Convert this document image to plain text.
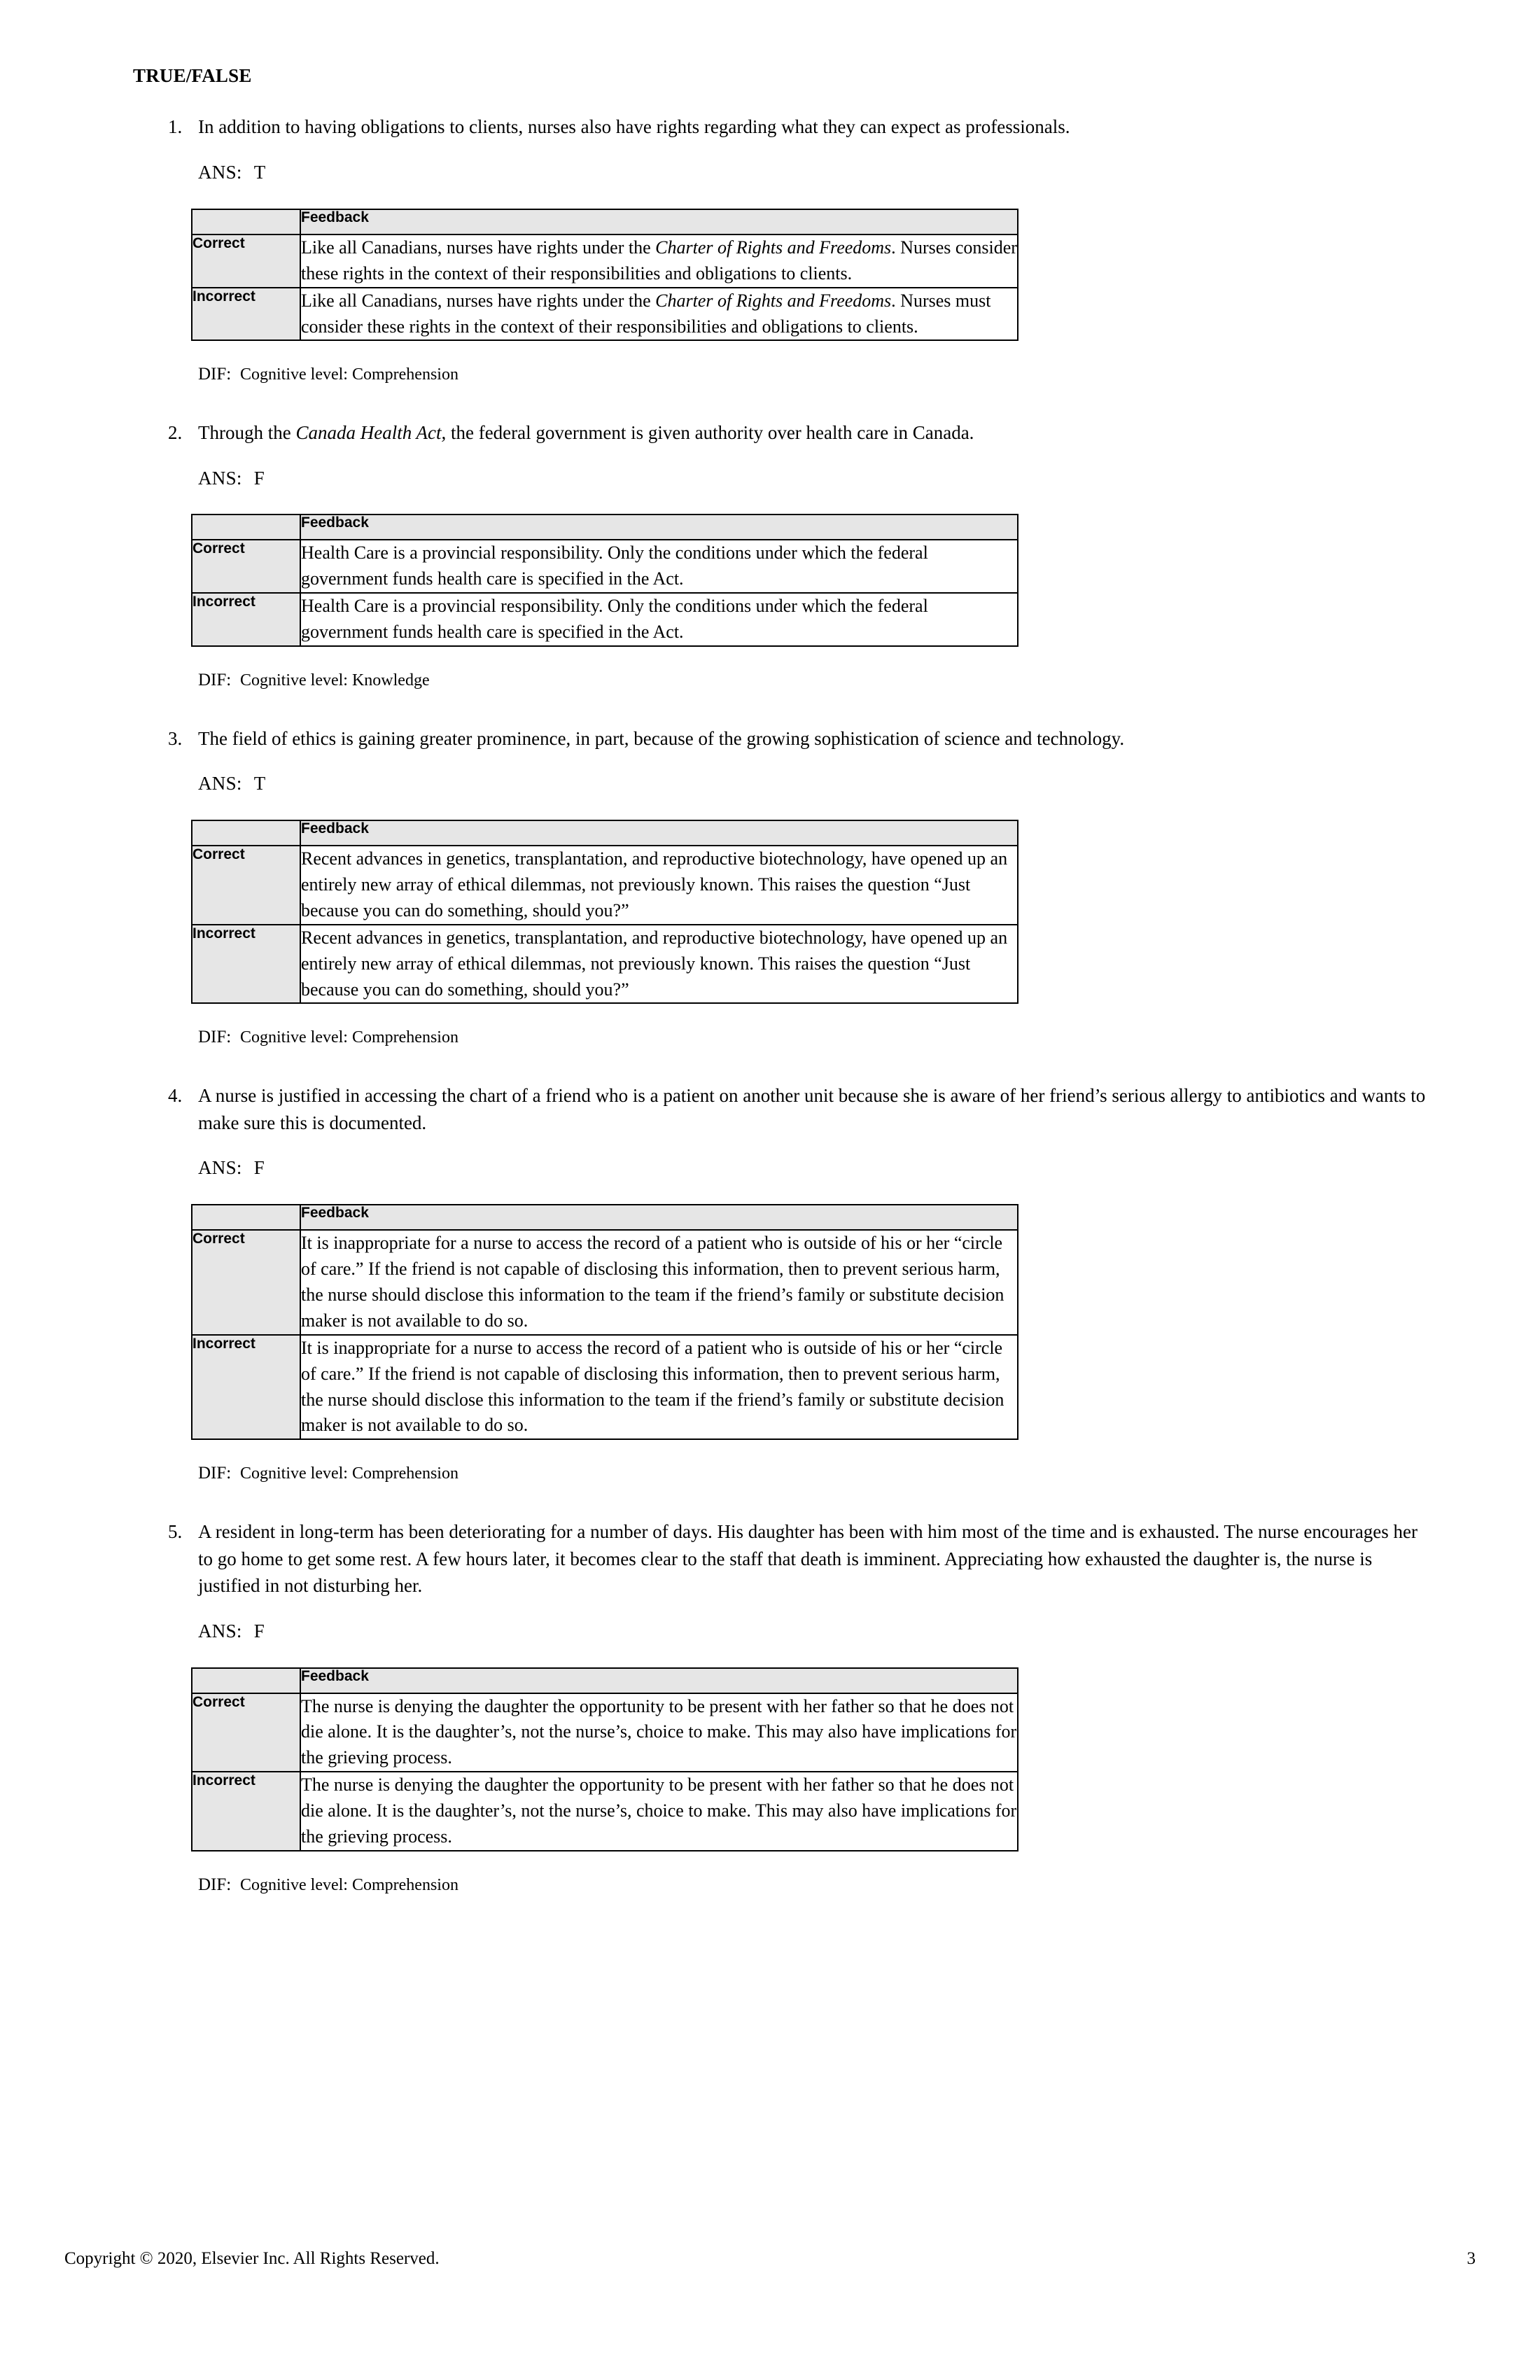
TRUE/FALSE
1. In addition to having obligations to clients, nurses also have rights regarding what they can expect as professionals.
ANS: T
	Feedback
Correct	Like all Canadians, nurses have rights under the Charter of Rights and Freedoms. Nurses consider these rights in the context of their responsibilities and obligations to clients.
Incorrect	Like all Canadians, nurses have rights under the Charter of Rights and Freedoms. Nurses must consider these rights in the context of their responsibilities and obligations to clients.
DIF: Cognitive level: Comprehension
2. Through the Canada Health Act, the federal government is given authority over health care in Canada.
ANS: F
	Feedback
Correct	Health Care is a provincial responsibility. Only the conditions under which the federal government funds health care is specified in the Act.
Incorrect	Health Care is a provincial responsibility. Only the conditions under which the federal government funds health care is specified in the Act.
DIF: Cognitive level: Knowledge
3. The field of ethics is gaining greater prominence, in part, because of the growing sophistication of science and technology.
ANS: T
	Feedback
Correct	Recent advances in genetics, transplantation, and reproductive biotechnology, have opened up an entirely new array of ethical dilemmas, not previously known. This raises the question “Just because you can do something, should you?”
Incorrect	Recent advances in genetics, transplantation, and reproductive biotechnology, have opened up an entirely new array of ethical dilemmas, not previously known. This raises the question “Just because you can do something, should you?”
DIF: Cognitive level: Comprehension
4. A nurse is justified in accessing the chart of a friend who is a patient on another unit because she is aware of her friend’s serious allergy to antibiotics and wants to make sure this is documented.
ANS: F
	Feedback
Correct	It is inappropriate for a nurse to access the record of a patient who is outside of his or her “circle of care.” If the friend is not capable of disclosing this information, then to prevent serious harm, the nurse should disclose this information to the team if the friend’s family or substitute decision maker is not available to do so.
Incorrect	It is inappropriate for a nurse to access the record of a patient who is outside of his or her “circle of care.” If the friend is not capable of disclosing this information, then to prevent serious harm, the nurse should disclose this information to the team if the friend’s family or substitute decision maker is not available to do so.
DIF: Cognitive level: Comprehension
5. A resident in long-term has been deteriorating for a number of days. His daughter has been with him most of the time and is exhausted. The nurse encourages her to go home to get some rest. A few hours later, it becomes clear to the staff that death is imminent. Appreciating how exhausted the daughter is, the nurse is justified in not disturbing her.
ANS: F
	Feedback
Correct	The nurse is denying the daughter the opportunity to be present with her father so that he does not die alone. It is the daughter’s, not the nurse’s, choice to make. This may also have implications for the grieving process.
Incorrect	The nurse is denying the daughter the opportunity to be present with her father so that he does not die alone. It is the daughter’s, not the nurse’s, choice to make. This may also have implications for the grieving process.
DIF: Cognitive level: Comprehension
Copyright © 2020, Elsevier Inc. All Rights Reserved.	3
